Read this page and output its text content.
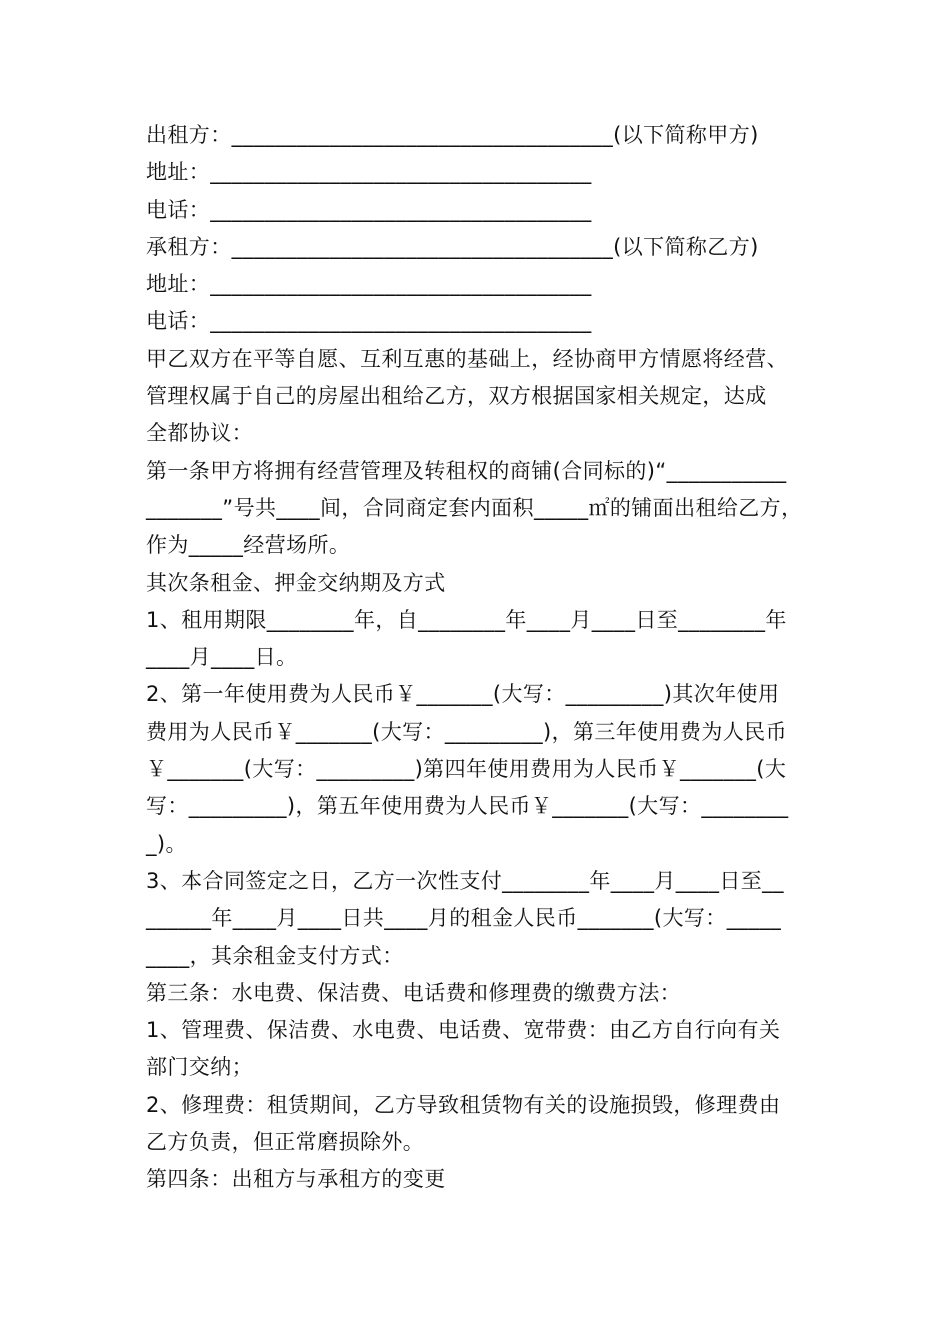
出租方：___________________________________(以下简称甲方)
地址：___________________________________
电话：___________________________________
承租方：___________________________________(以下简称乙方)
地址：___________________________________
电话：___________________________________
甲乙双方在平等自愿、互利互惠的基础上，经协商甲方情愿将经营、
管理权属于自己的房屋出租给乙方，双方根据国家相关规定，达成
全都协议：
第一条甲方将拥有经营管理及转租权的商铺(合同标的)“___________
_______”号共____间，合同商定套内面积_____㎡的铺面出租给乙方，
作为_____经营场所。
其次条租金、押金交纳期及方式
1、租用期限________年，自________年____月____日至________年
____月____日。
2、第一年使用费为人民币￥_______(大写：_________)其次年使用
费用为人民币￥_______(大写：_________)，第三年使用费为人民币
￥_______(大写：_________)第四年使用费用为人民币￥_______(大
写：_________)，第五年使用费为人民币￥_______(大写：________
_)。
3、本合同签定之日，乙方一次性支付________年____月____日至__
______年____月____日共____月的租金人民币_______(大写：_____
____，其余租金支付方式：
第三条：水电费、保洁费、电话费和修理费的缴费方法：
1、管理费、保洁费、水电费、电话费、宽带费：由乙方自行向有关
部门交纳；
2、修理费：租赁期间，乙方导致租赁物有关的设施损毁，修理费由
乙方负责，但正常磨损除外。
第四条：出租方与承租方的变更
